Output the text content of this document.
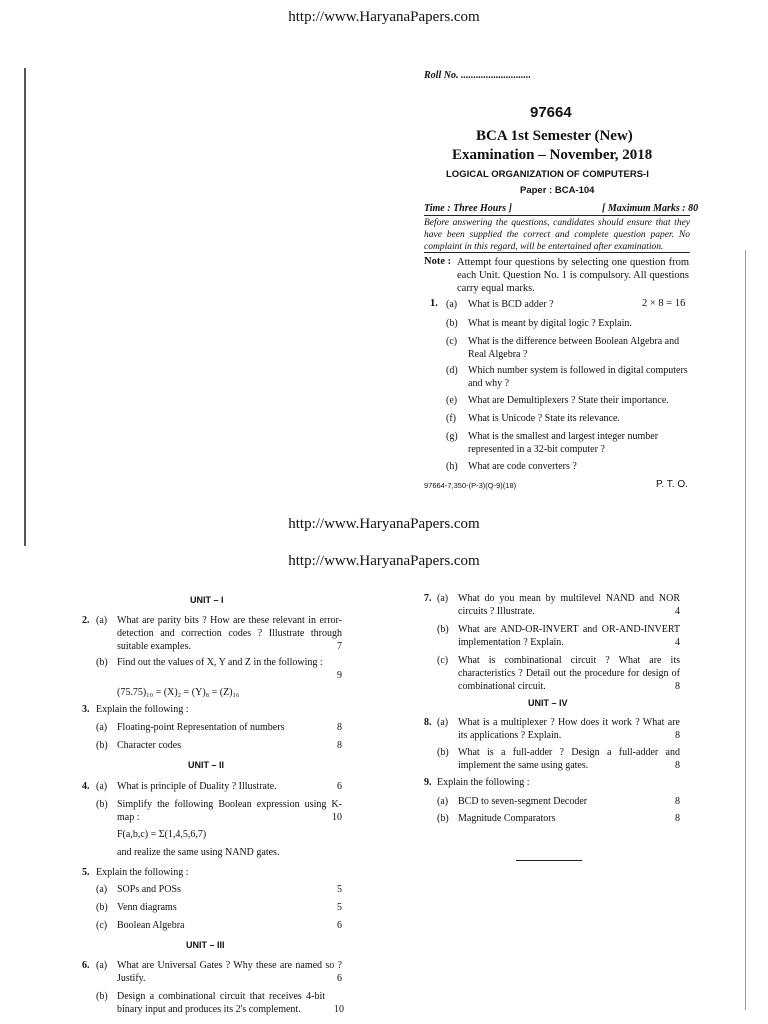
http://www.HaryanaPapers.com
Roll No. ............................
97664
BCA 1st Semester (New)
Examination – November, 2018
LOGICAL ORGANIZATION OF COMPUTERS-I
Paper : BCA-104
Time : Three Hours ]	[ Maximum Marks : 80
Before answering the questions, candidates should ensure that they have been supplied the correct and complete question paper. No complaint in this regard, will be entertained after examination.
Note : Attempt four questions by selecting one question from each Unit. Question No. 1 is compulsory. All questions carry equal marks.
1.	2 × 8 = 16
(a)	What is BCD adder ?
(b)	What is meant by digital logic ? Explain.
(c)	What is the difference between Boolean Algebra and Real Algebra ?
(d)	Which number system is followed in digital computers and why ?
(e)	What are Demultiplexers ? State their importance.
(f)	What is Unicode ? State its relevance.
(g)	What is the smallest and largest integer number represented in a 32-bit computer ?
(h)	What are code converters ?
97664-7,350-(P-3)(Q-9)(18)	P. T. O.
http://www.HaryanaPapers.com
http://www.HaryanaPapers.com
UNIT – I
2. (a) What are parity bits ? How are these relevant in error-detection and correction codes ? Illustrate through suitable examples.	7
(b) Find out the values of X, Y and Z in the following :
9
(75.75)₁₀ = (X)₂ = (Y)₈ = (Z)₁₆
3. Explain the following :
(a) Floating-point Representation of numbers	8
(b) Character codes	8
UNIT – II
4. (a) What is principle of Duality ? Illustrate.	6
(b) Simplify the following Boolean expression using K-map :	10
F(a,b,c) = Σ(1,4,5,6,7)
and realize the same using NAND gates.
5. Explain the following :
(a) SOPs and POSs	5
(b) Venn diagrams	5
(c) Boolean Algebra	6
UNIT – III
6. (a) What are Universal Gates ? Why these are named so ? Justify.	6
(b) Design a combinational circuit that receives 4-bit binary input and produces its 2's complement.	10
7. (a) What do you mean by multilevel NAND and NOR circuits ? Illustrate.	4
(b) What are AND-OR-INVERT and OR-AND-INVERT implementation ? Explain.	4
(c) What is combinational circuit ? What are its characteristics ? Detail out the procedure for design of combinational circuit.	8
UNIT – IV
8. (a) What is a multiplexer ? How does it work ? What are its applications ? Explain.	8
(b) What is a full-adder ? Design a full-adder and implement the same using gates.	8
9. Explain the following :
(a) BCD to seven-segment Decoder	8
(b) Magnitude Comparators	8
